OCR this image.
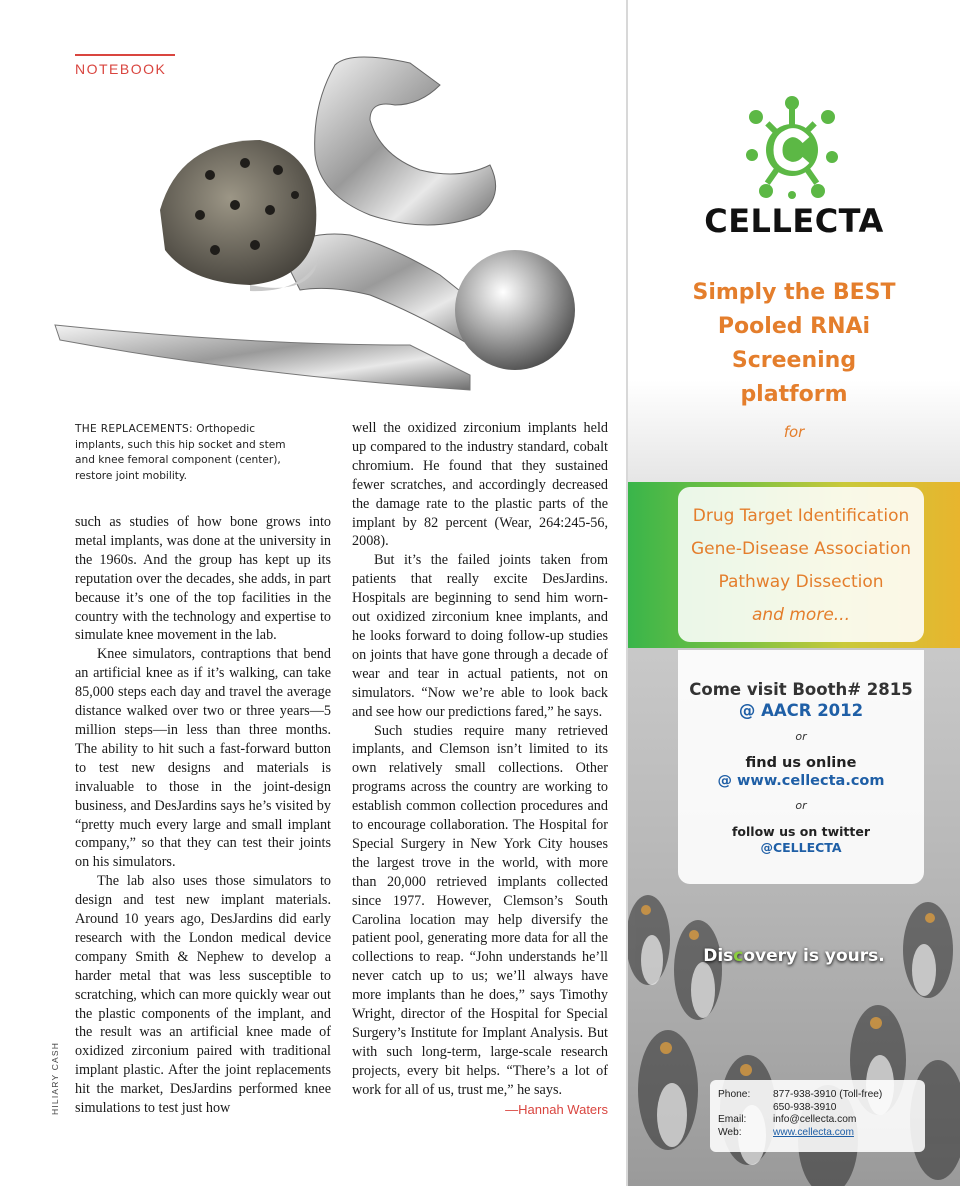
NOTEBOOK
THE REPLACEMENTS: Orthopedic implants, such this hip socket and stem and knee femoral component (center), restore joint mobility.

such as studies of how bone grows into metal implants, was done at the university in the 1960s. And the group has kept up its reputation over the decades, she adds, in part because it’s one of the top facilities in the country with the technology and expertise to simulate knee movement in the lab.

Knee simulators, contraptions that bend an artificial knee as if it’s walking, can take 85,000 steps each day and travel the average distance walked over two or three years—5 million steps—in less than three months. The ability to hit such a fast-forward button to test new designs and materials is invaluable to those in the joint-design business, and DesJardins says he’s visited by “pretty much every large and small implant company,” so that they can test their joints on his simulators.

The lab also uses those simulators to design and test new implant materials. Around 10 years ago, DesJardins did early research with the London medical device company Smith & Nephew to develop a harder metal that was less susceptible to scratching, which can more quickly wear out the plastic components of the implant, and the result was an artificial knee made of oxidized zirconium paired with traditional implant plastic. After the joint replacements hit the market, DesJardins performed knee simulations to test just how

well the oxidized zirconium implants held up compared to the industry standard, cobalt chromium. He found that they sustained fewer scratches, and accordingly decreased the damage rate to the plastic parts of the implant by 82 percent (Wear, 264:245-56, 2008).

But it’s the failed joints taken from patients that really excite DesJardins. Hospitals are beginning to send him worn-out oxidized zirconium knee implants, and he looks forward to doing follow-up studies on joints that have gone through a decade of wear and tear in actual patients, not on simulators. “Now we’re able to look back and see how our predictions fared,” he says.

Such studies require many retrieved implants, and Clemson isn’t limited to its own relatively small collections. Other programs across the country are working to establish common collection procedures and to encourage collaboration. The Hospital for Special Surgery in New York City houses the largest trove in the world, with more than 20,000 retrieved implants collected since 1977. However, Clemson’s South Carolina location may help diversify the patient pool, generating more data for all the collections to reap. “John understands he’ll never catch up to us; we’ll always have more implants than he does,” says Timothy Wright, director of the Hospital for Special Surgery’s Institute for Implant Analysis. But with such long-term, large-scale research projects, every bit helps. “There’s a lot of work for all of us, trust me,” he says.

—Hannah Waters
HILIARY CASH
CELLECTA
Simply the BEST
Pooled RNAi
Screening
platform
for
Drug Target Identification
Gene-Disease Association
Pathway Dissection
and more...
Come visit Booth# 2815
@ AACR 2012
or
find us online
@ www.cellecta.com
or
follow us on twitter
@CELLECTA
Discovery is yours.
Phone:	877-938-3910 (Toll-free)
	650-938-3910
Email:	info@cellecta.com
Web:	www.cellecta.com
